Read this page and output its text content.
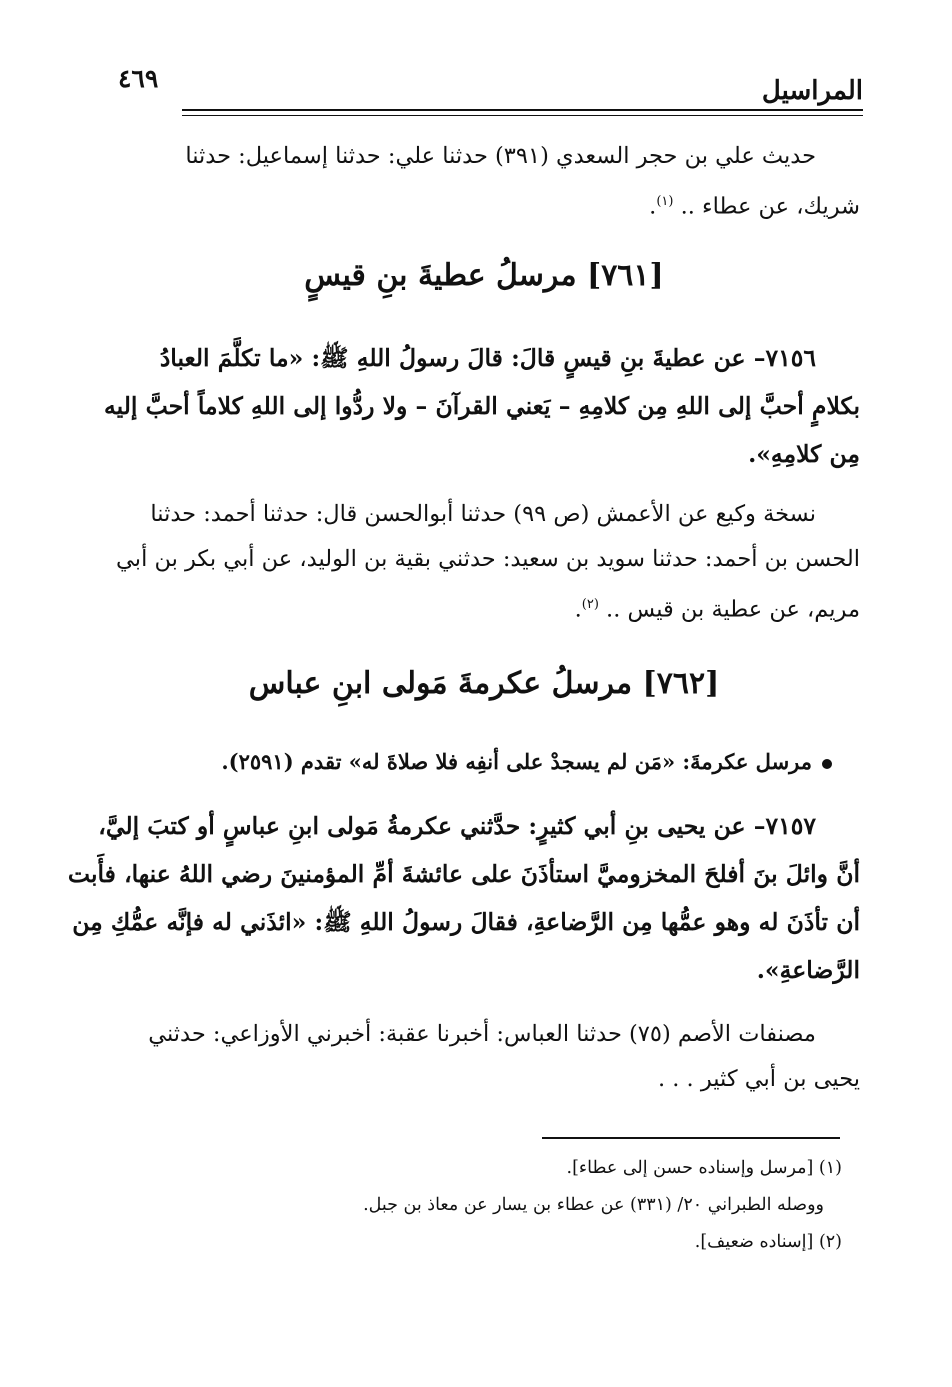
المراسيل
٤٦٩
حديث علي بن حجر السعدي (٣٩١) حدثنا علي: حدثنا إسماعيل: حدثنا
شريك، عن عطاء .. $^{(١)}$.
[٧٦١] مرسلُ عطيةَ بنِ قيسٍ
٧١٥٦– عن عطيةَ بنِ قيسٍ قالَ: قالَ رسولُ اللهِ ﷺ: «ما تكلَّمَ العبادُ
بكلامٍ أحبَّ إلى اللهِ مِن كلامِهِ – يَعني القرآنَ – ولا ردُّوا إلى اللهِ كلاماً أحبَّ إليه
مِن كلامِهِ».
نسخة وكيع عن الأعمش (ص ٩٩) حدثنا أبوالحسن قال: حدثنا أحمد: حدثنا
الحسن بن أحمد: حدثنا سويد بن سعيد: حدثني بقية بن الوليد، عن أبي بكر بن أبي
مريم، عن عطية بن قيس .. $^{(٢)}$.
[٧٦٢] مرسلُ عكرمةَ مَولى ابنِ عباس
مرسل عكرمةَ: «مَن لم يسجدْ على أنفِه فلا صلاةَ له» تقدم (٢٥٩١).
٧١٥٧– عن يحيى بنِ أبي كثيرٍ: حدَّثني عكرمةُ مَولى ابنِ عباسٍ أو كتبَ إليَّ،
أنَّ وائلَ بنَ أفلحَ المخزوميَّ استأذَنَ على عائشةَ أمِّ المؤمنينَ رضي اللهُ عنها، فأَبت
أن تأذَنَ له وهو عمُّها مِن الرَّضاعةِ، فقالَ رسولُ اللهِ ﷺ: «ائذَني له فإنَّه عمُّكِ مِن
الرَّضاعةِ».
مصنفات الأصم (٧٥) حدثنا العباس: أخبرنا عقبة: أخبرني الأوزاعي: حدثني
يحيى بن أبي كثير . . .
(١) [مرسل وإسناده حسن إلى عطاء].
ووصله الطبراني ٢٠/ (٣٣١) عن عطاء بن يسار عن معاذ بن جبل.
(٢) [إسناده ضعيف].
